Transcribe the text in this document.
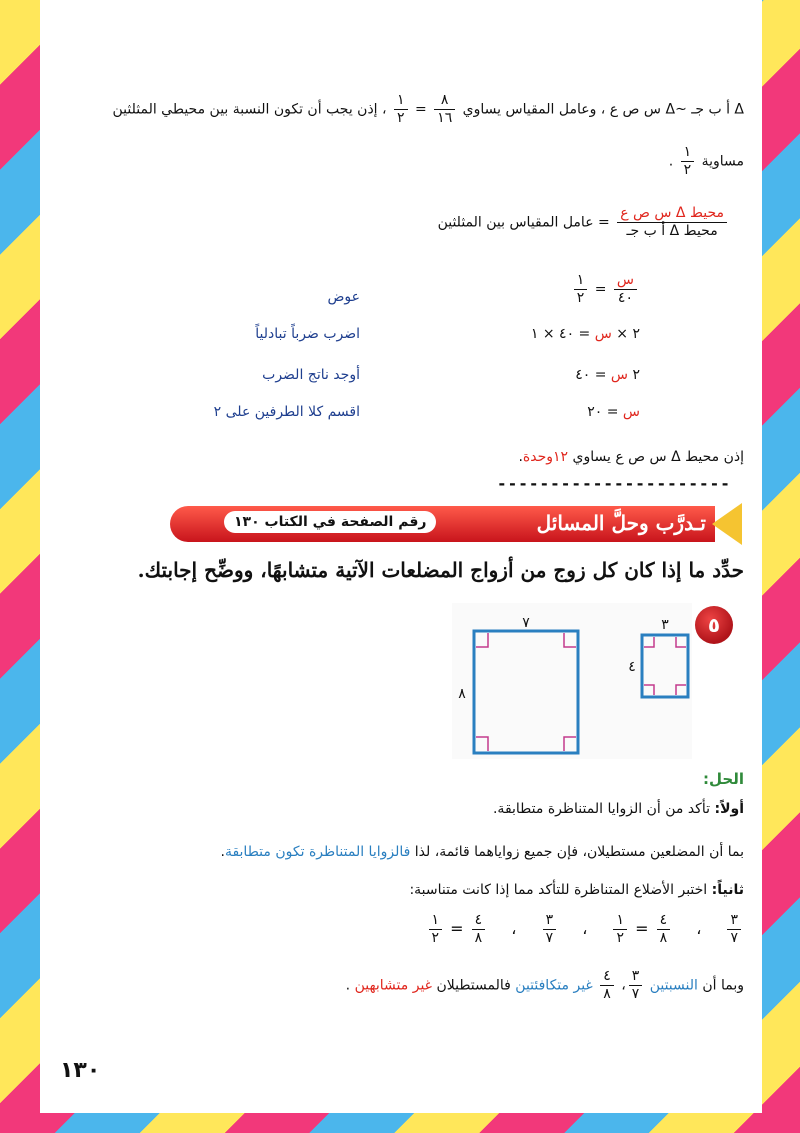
Δ أ ب جـ ~Δ س ص ع ، وعامل المقياس يساوي
$\frac{٨}{١٦}$
=
$\frac{١}{٢}$
، إذن يجب أن تكون النسبة بين محيطي المثلثين
مساوية
$\frac{١}{٢}$
.
$\frac{\text{محيط Δ س ص ع}}{\text{محيط Δ أ ب جـ}}$
= عامل المقياس بين المثلثين
$\frac{\text{س}}{٤٠}$
=
$\frac{١}{٢}$
عوض
٢ × س = ٤٠ × ١
اضرب ضرباً تبادلياً
٢ س = ٤٠
أوجد ناتج الضرب
س = ٢٠
اقسم كلا الطرفين على ٢
إذن محيط Δ س ص ع يساوي ١٢وحدة.
----------------------
تـدرَّب وحلَّ المسائل
رقم الصفحة في الكتاب ١٣٠
حدِّد ما إذا كان كل زوج من أزواج المضلعات الآتية متشابهًا، ووضِّح إجابتك.
٥
٧
٨
٣
٤
الحل:
أولاً: تأكد من أن الزوايا المتناظرة متطابقة.
بما أن المضلعين مستطيلان، فإن جميع زواياهما قائمة، لذا فالزوايا المتناظرة تكون متطابقة.
ثانياً: اختبر الأضلاع المتناظرة للتأكد مما إذا كانت متناسبة:
$\frac{٣}{٧}$
،
$\frac{٤}{٨}$
=
$\frac{١}{٢}$
،
$\frac{٣}{٧}$
،
$\frac{٤}{٨}$
=
$\frac{١}{٢}$
وبما أن النسبتين
$\frac{٣}{٧}$
،
$\frac{٤}{٨}$
غير متكافئتين فالمستطيلان غير متشابهين .
١٣٠
